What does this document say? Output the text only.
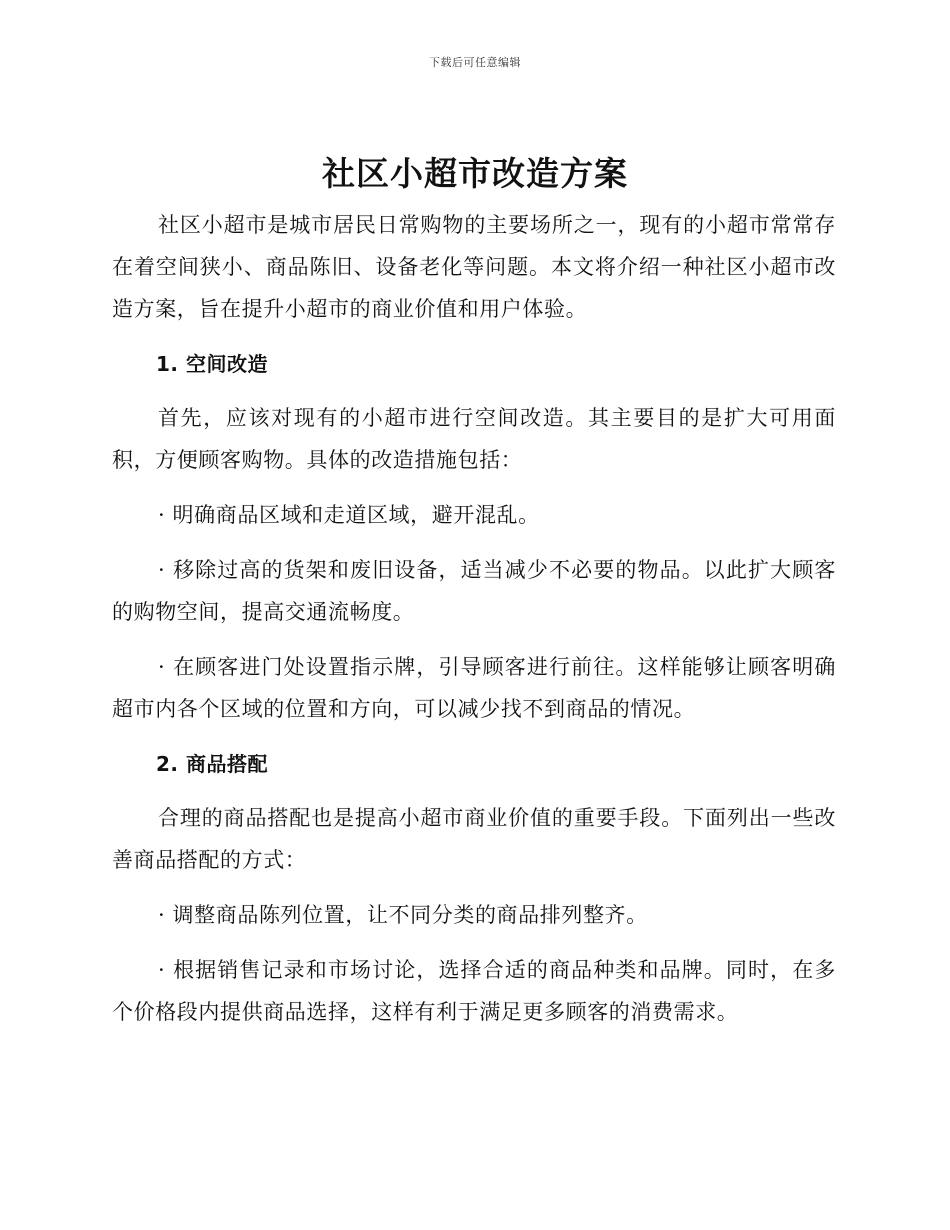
下载后可任意编辑
社区小超市改造方案

社区小超市是城市居民日常购物的主要场所之一，现有的小超市常常存在着空间狭小、商品陈旧、设备老化等问题。本文将介绍一种社区小超市改造方案，旨在提升小超市的商业价值和用户体验。

1. 空间改造

首先，应该对现有的小超市进行空间改造。其主要目的是扩大可用面积，方便顾客购物。具体的改造措施包括：

· 明确商品区域和走道区域，避开混乱。

· 移除过高的货架和废旧设备，适当减少不必要的物品。以此扩大顾客的购物空间，提高交通流畅度。

· 在顾客进门处设置指示牌，引导顾客进行前往。这样能够让顾客明确超市内各个区域的位置和方向，可以减少找不到商品的情况。

2. 商品搭配

合理的商品搭配也是提高小超市商业价值的重要手段。下面列出一些改善商品搭配的方式：

· 调整商品陈列位置，让不同分类的商品排列整齐。

· 根据销售记录和市场讨论，选择合适的商品种类和品牌。同时，在多个价格段内提供商品选择，这样有利于满足更多顾客的消费需求。
